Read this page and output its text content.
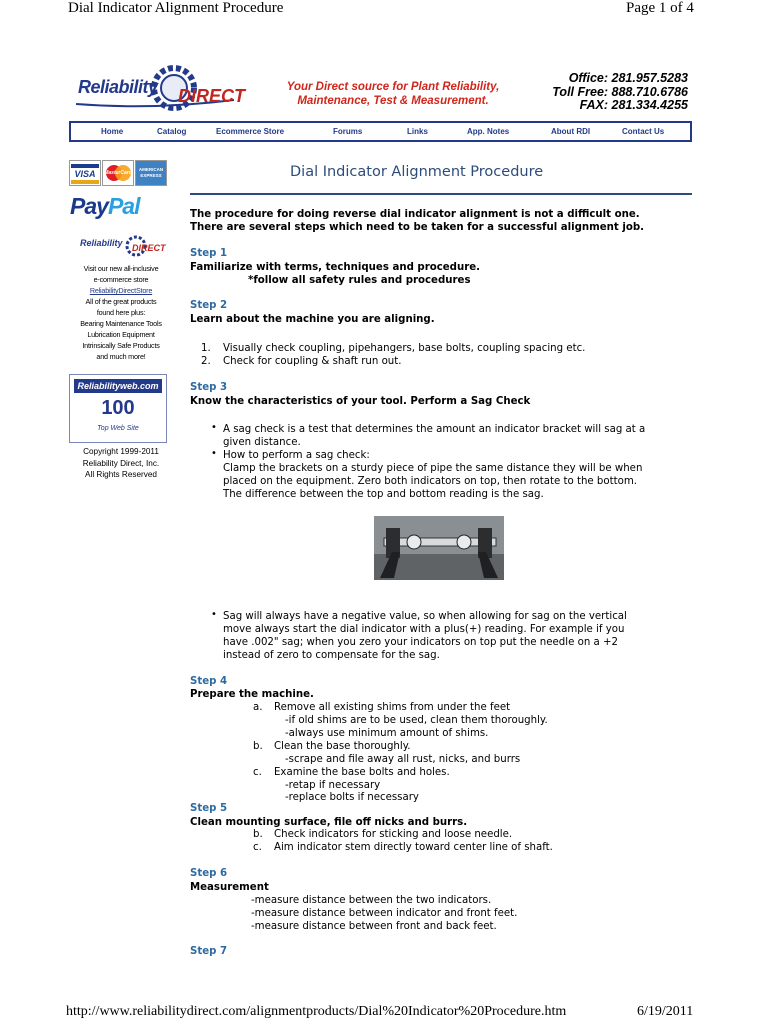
Dial Indicator Alignment Procedure	Page 1 of 4
Reliability DIRECT	Your Direct source for Plant Reliability,
Maintenance, Test & Measurement.
Office: 281.957.5283
Toll Free: 888.710.6786
FAX: 281.334.4255
Home	Catalog	Ecommerce Store	Forums	Links	App. Notes	About RDI	Contact Us
VISA	MasterCard
AMERICAN EXPRESS
PayPal
Reliability DIRECT
Visit our new all-inclusive
e-commerce store
ReliabilityDirectStore
All of the great products
found here plus:
Bearing Maintenance Tools
Lubrication Equipment
Intrinsically Safe Products
and much more!
Reliabilityweb.com
100
Top Web Site
Copyright 1999-2011
Reliability Direct, Inc.
All Rights Reserved
Dial Indicator Alignment Procedure
The procedure for doing reverse dial indicator alignment is not a difficult one.
There are several steps which need to be taken for a successful alignment job.
Step 1
Familiarize with terms, techniques and procedure.
*follow all safety rules and procedures
Step 2
Learn about the machine you are aligning.
1. Visually check coupling, pipehangers, base bolts, coupling spacing etc.
2. Check for coupling & shaft run out.
Step 3
Know the characteristics of your tool. Perform a Sag Check
• A sag check is a test that determines the amount an indicator bracket will sag at a
given distance.
• How to perform a sag check:
Clamp the brackets on a sturdy piece of pipe the same distance they will be when
placed on the equipment. Zero both indicators on top, then rotate to the bottom.
The difference between the top and bottom reading is the sag.
• Sag will always have a negative value, so when allowing for sag on the vertical
move always start the dial indicator with a plus(+) reading. For example if you
have .002" sag; when you zero your indicators on top put the needle on a +2
instead of zero to compensate for the sag.
Step 4
Prepare the machine.
a. Remove all existing shims from under the feet
-if old shims are to be used, clean them thoroughly.
-always use minimum amount of shims.
b. Clean the base thoroughly.
-scrape and file away all rust, nicks, and burrs
c. Examine the base bolts and holes.
-retap if necessary
-replace bolts if necessary
Step 5
Clean mounting surface, file off nicks and burrs.
b. Check indicators for sticking and loose needle.
c. Aim indicator stem directly toward center line of shaft.
Step 6
Measurement
-measure distance between the two indicators.
-measure distance between indicator and front feet.
-measure distance between front and back feet.
Step 7
http://www.reliabilitydirect.com/alignmentproducts/Dial%20Indicator%20Procedure.htm	6/19/2011
